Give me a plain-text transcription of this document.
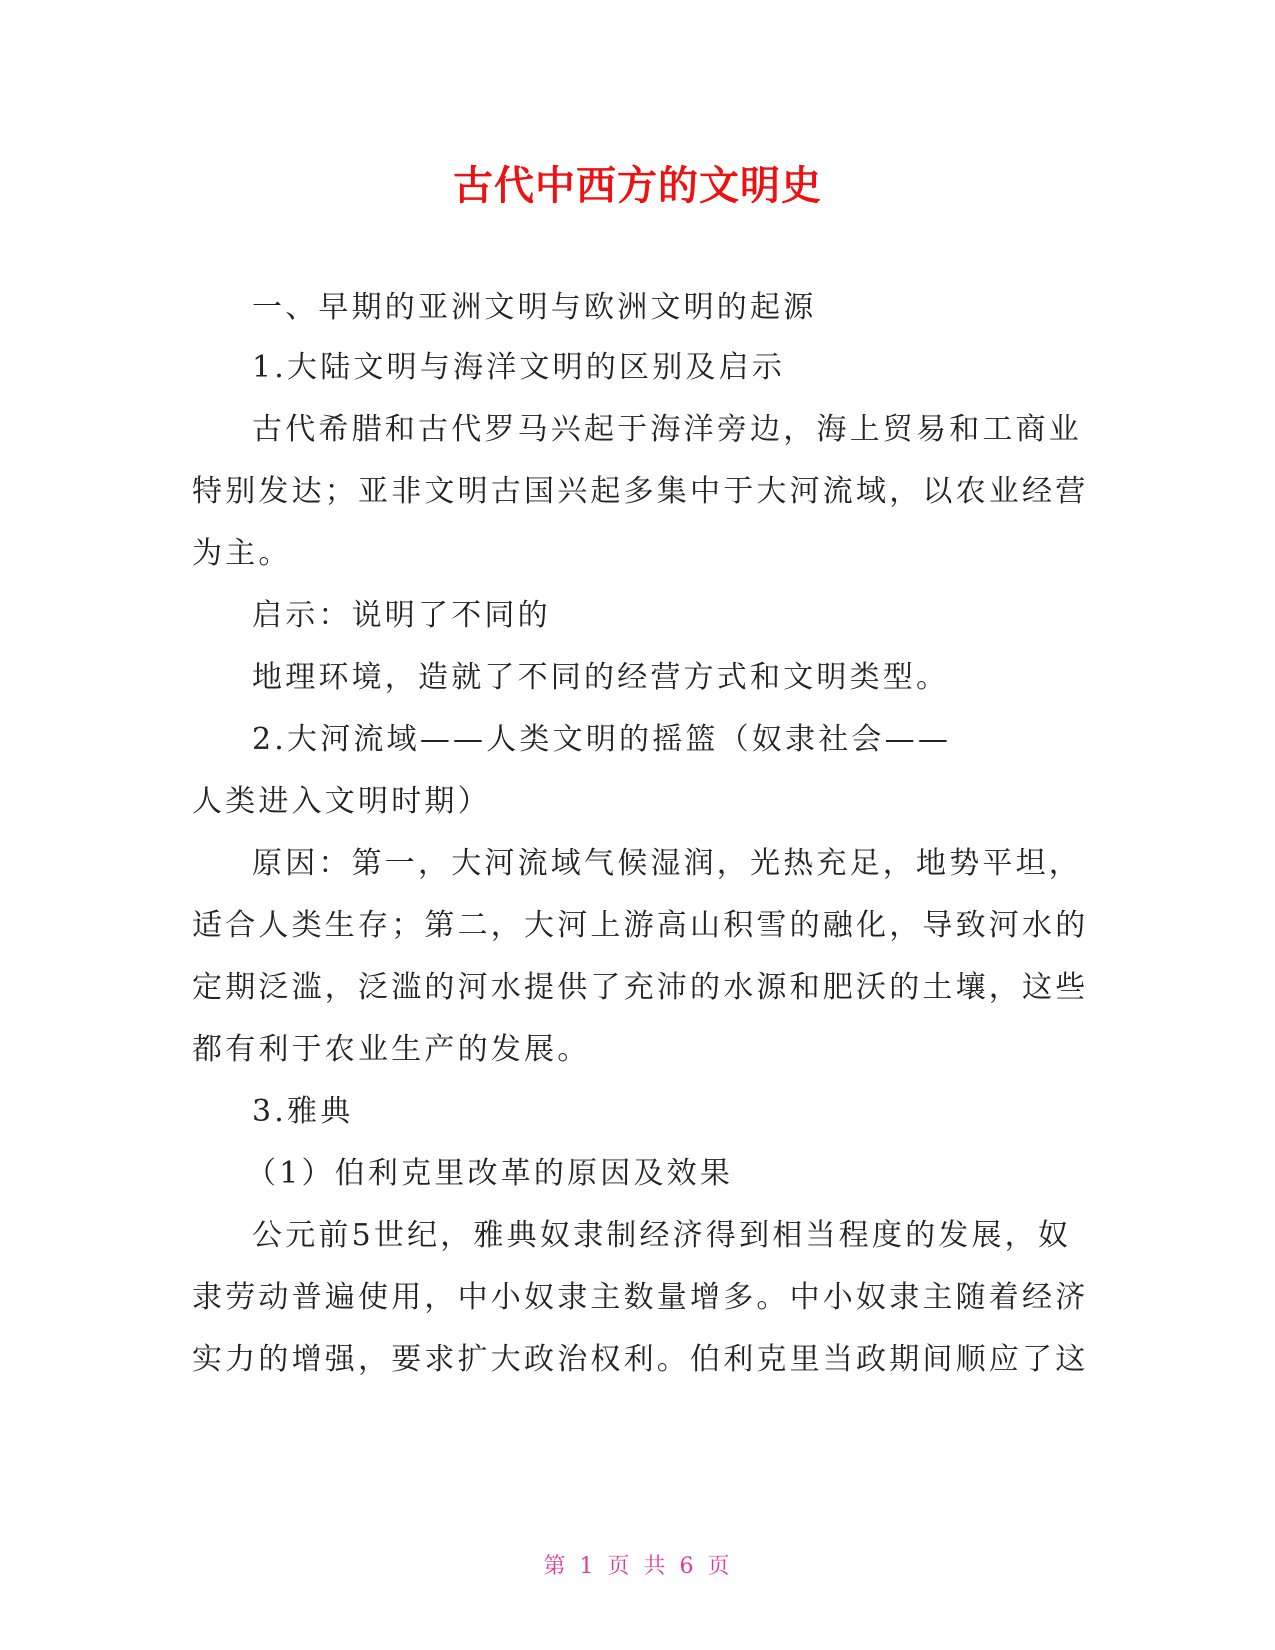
古代中西方的文明史
一、早期的亚洲文明与欧洲文明的起源
1.大陆文明与海洋文明的区别及启示
古代希腊和古代罗马兴起于海洋旁边，海上贸易和工商业
特别发达；亚非文明古国兴起多集中于大河流域，以农业经营
为主。
启示：说明了不同的
地理环境，造就了不同的经营方式和文明类型。
2.大河流域——人类文明的摇篮（奴隶社会——
人类进入文明时期）
原因：第一，大河流域气候湿润，光热充足，地势平坦，
适合人类生存；第二，大河上游高山积雪的融化，导致河水的
定期泛滥，泛滥的河水提供了充沛的水源和肥沃的土壤，这些
都有利于农业生产的发展。
3.雅典
（1）伯利克里改革的原因及效果
公元前5世纪，雅典奴隶制经济得到相当程度的发展，奴
隶劳动普遍使用，中小奴隶主数量增多。中小奴隶主随着经济
实力的增强，要求扩大政治权利。伯利克里当政期间顺应了这
第 1 页 共 6 页
